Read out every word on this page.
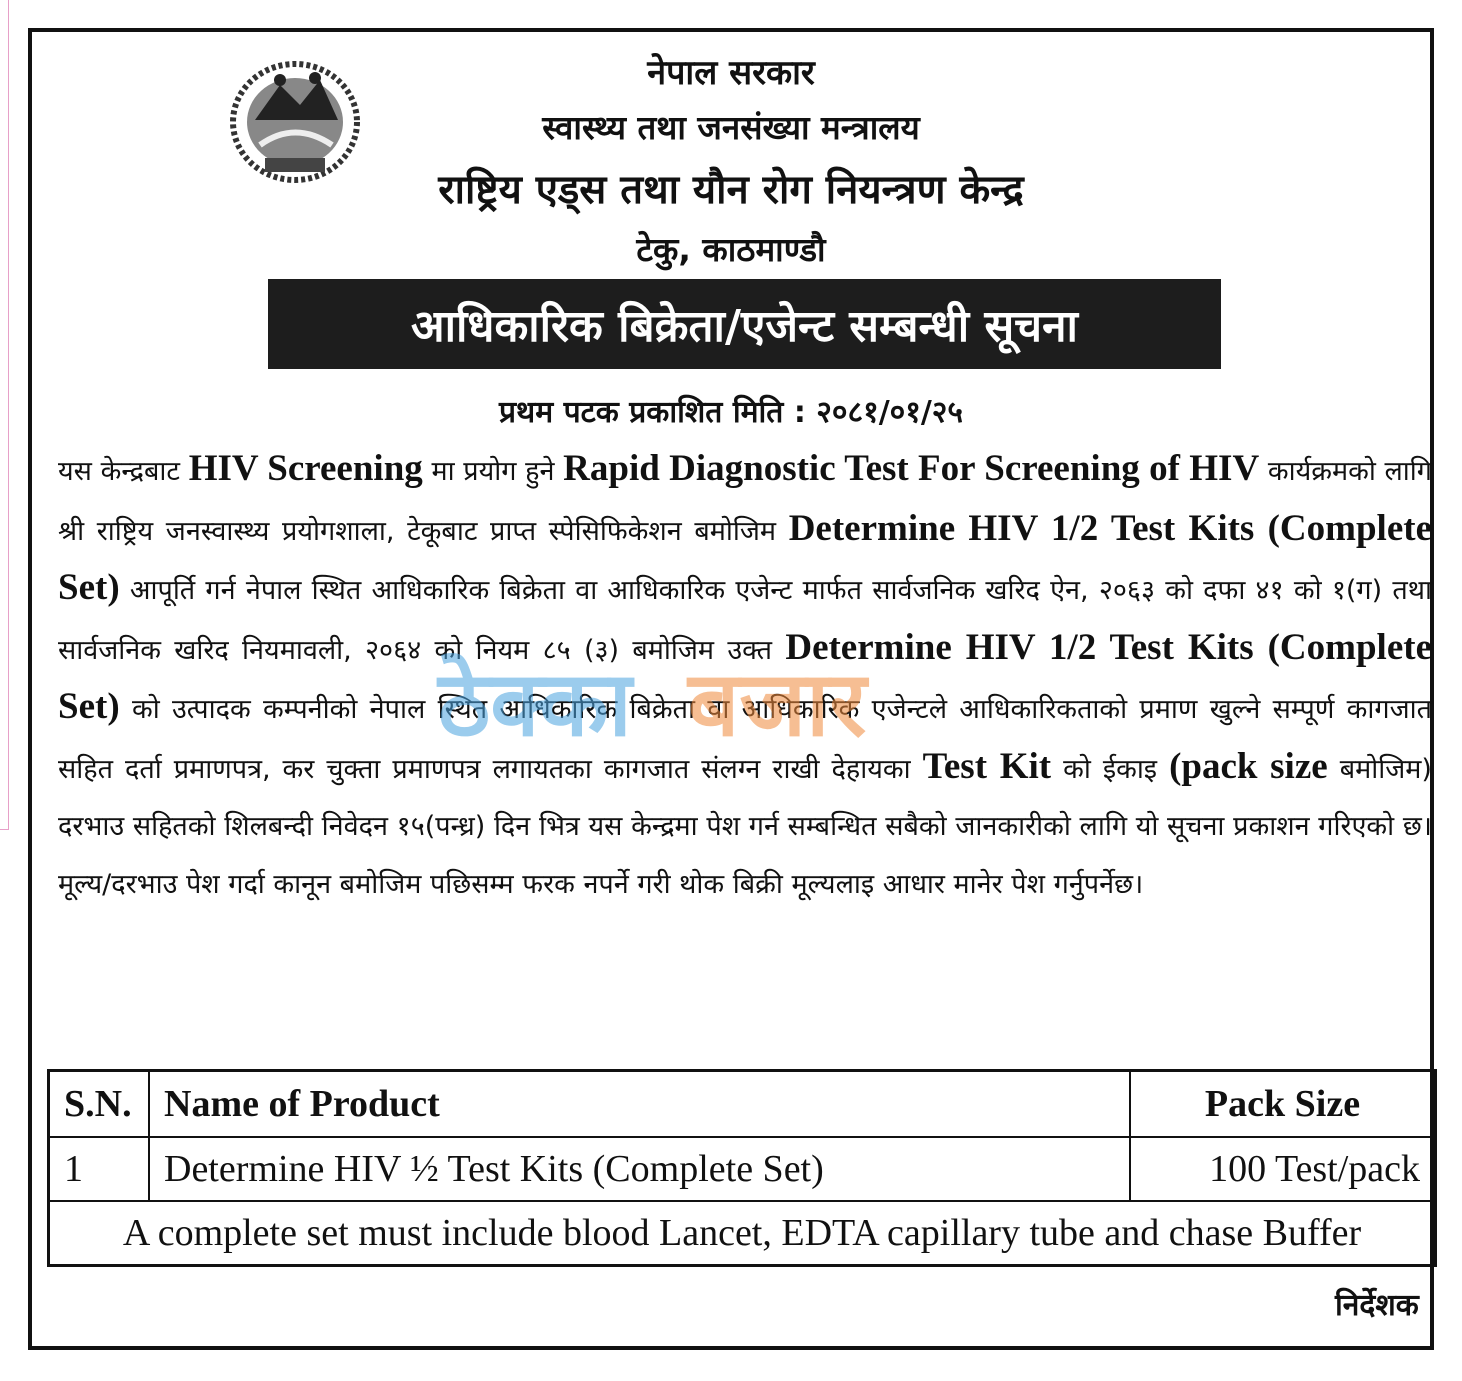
नेपाल सरकार
स्वास्थ्य तथा जनसंख्या मन्त्रालय
राष्ट्रिय एड्स तथा यौन रोग नियन्त्रण केन्द्र
टेकु, काठमाण्डौ
आधिकारिक बिक्रेता/एजेन्ट सम्बन्धी सूचना
प्रथम पटक प्रकाशित मिति : २०८१/०१/२५
यस केन्द्रबाट HIV Screening मा प्रयोग हुने Rapid Diagnostic Test For Screening of HIV कार्यक्रमको लागि श्री राष्ट्रिय जनस्वास्थ्य प्रयोगशाला, टेकूबाट प्राप्त स्पेसिफिकेशन बमोजिम Determine HIV 1/2 Test Kits (Complete Set) आपूर्ति गर्न नेपाल स्थित आधिकारिक बिक्रेता वा आधिकारिक एजेन्ट मार्फत सार्वजनिक खरिद ऐन, २०६३ को दफा ४१ को १(ग) तथा सार्वजनिक खरिद नियमावली, २०६४ को नियम ८५ (३) बमोजिम उक्त Determine HIV 1/2 Test Kits (Complete Set) को उत्पादक कम्पनीको नेपाल स्थित आधिकारिक बिक्रेता वा आधिकारिक एजेन्टले आधिकारिकताको प्रमाण खुल्ने सम्पूर्ण कागजात सहित दर्ता प्रमाणपत्र, कर चुक्ता प्रमाणपत्र लगायतका कागजात संलग्न राखी देहायका Test Kit को ईकाइ (pack size बमोजिम) दरभाउ सहितको शिलबन्दी निवेदन १५(पन्ध्र) दिन भित्र यस केन्द्रमा पेश गर्न सम्बन्धित सबैको जानकारीको लागि यो सूचना प्रकाशन गरिएको छ। मूल्य/दरभाउ पेश गर्दा कानून बमोजिम पछिसम्म फरक नपर्ने गरी थोक बिक्री मूल्यलाइ आधार मानेर पेश गर्नुपर्नेछ।
ठेक्का बजार
S.N.	Name of Product	Pack Size
1	Determine HIV ½ Test Kits (Complete Set)	100 Test/pack
A complete set must include blood Lancet, EDTA capillary tube and chase Buffer		
निर्देशक
